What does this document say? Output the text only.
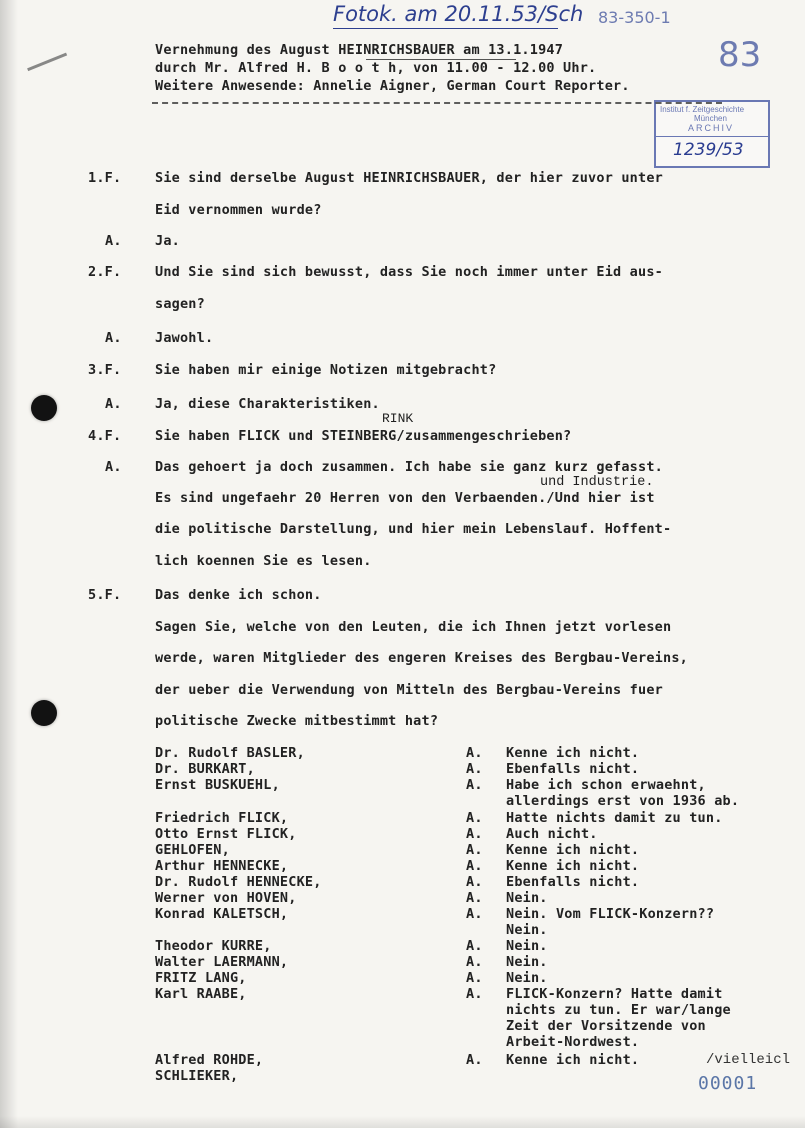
Fotok. am 20.11.53/Sch 83-350-1
83
Institut f. Zeitgeschichte
München
ARCHIV
1239/53
Vernehmung des August HEINRICHSBAUER am 13.1.1947
durch Mr. Alfred H. B o o t h, von 11.00 - 12.00 Uhr.
Weitere Anwesende: Annelie Aigner, German Court Reporter.
1.F. Sie sind derselbe August HEINRICHSBAUER, der hier zuvor unter
Eid vernommen wurde?
A. Ja.
2.F. Und Sie sind sich bewusst, dass Sie noch immer unter Eid aus-
sagen?
A. Jawohl.
3.F. Sie haben mir einige Notizen mitgebracht?
A. Ja, diese Charakteristiken.
4.F. Sie haben FLICK und STEINBERG/zusammengeschrieben?
A. Das gehoert ja doch zusammen. Ich habe sie ganz kurz gefasst.
Es sind ungefaehr 20 Herren von den Verbaenden./Und hier ist
die politische Darstellung, und hier mein Lebenslauf. Hoffent-
lich koennen Sie es lesen.
5.F. Das denke ich schon.
Sagen Sie, welche von den Leuten, die ich Ihnen jetzt vorlesen
werde, waren Mitglieder des engeren Kreises des Bergbau-Vereins,
der ueber die Verwendung von Mitteln des Bergbau-Vereins fuer
politische Zwecke mitbestimmt hat?
RINK
und Industrie.
Dr. Rudolf BASLER,	A. Kenne ich nicht.
Dr. BURKART,	A. Ebenfalls nicht.
Ernst BUSKUEHL,	A. Habe ich schon erwaehnt,
allerdings erst von 1936 ab.
Friedrich FLICK,	A. Hatte nichts damit zu tun.
Otto Ernst FLICK,	A. Auch nicht.
GEHLOFEN,	A. Kenne ich nicht.
Arthur HENNECKE,	A. Kenne ich nicht.
Dr. Rudolf HENNECKE,	A. Ebenfalls nicht.
Werner von HOVEN,	A. Nein.
Konrad KALETSCH,	A. Nein. Vom FLICK-Konzern??
Nein.
Theodor KURRE,	A. Nein.
Walter LAERMANN,	A. Nein.
FRITZ LANG,	A. Nein.
Karl RAABE,	A. FLICK-Konzern? Hatte damit
nichts zu tun. Er war/lange
Zeit der Vorsitzende von
Arbeit-Nordwest.
Alfred ROHDE,	A. Kenne ich nicht.
SCHLIEKER,
/vielleicl
00001
